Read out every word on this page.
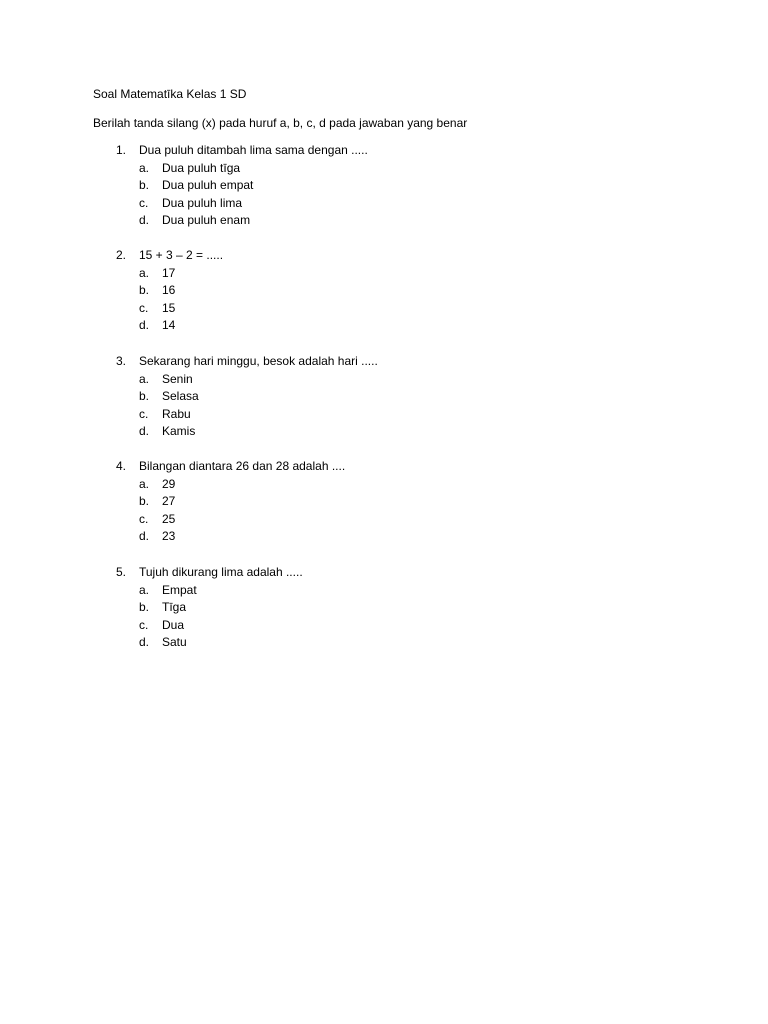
Soal Matematīka Kelas 1 SD

Berilah tanda silang (x) pada huruf a, b, c, d pada jawaban yang benar

1. Dua puluh ditambah lima sama dengan .....
a. Dua puluh tīga
b. Dua puluh empat
c. Dua puluh lima
d. Dua puluh enam
2. 15 + 3 – 2 = .....
a. 17
b. 16
c. 15
d. 14
3. Sekarang hari minggu, besok adalah hari .....
a. Senin
b. Selasa
c. Rabu
d. Kamis
4. Bilangan diantara 26 dan 28 adalah ....
a. 29
b. 27
c. 25
d. 23
5. Tujuh dikurang lima adalah .....
a. Empat
b. Tīga
c. Dua
d. Satu
